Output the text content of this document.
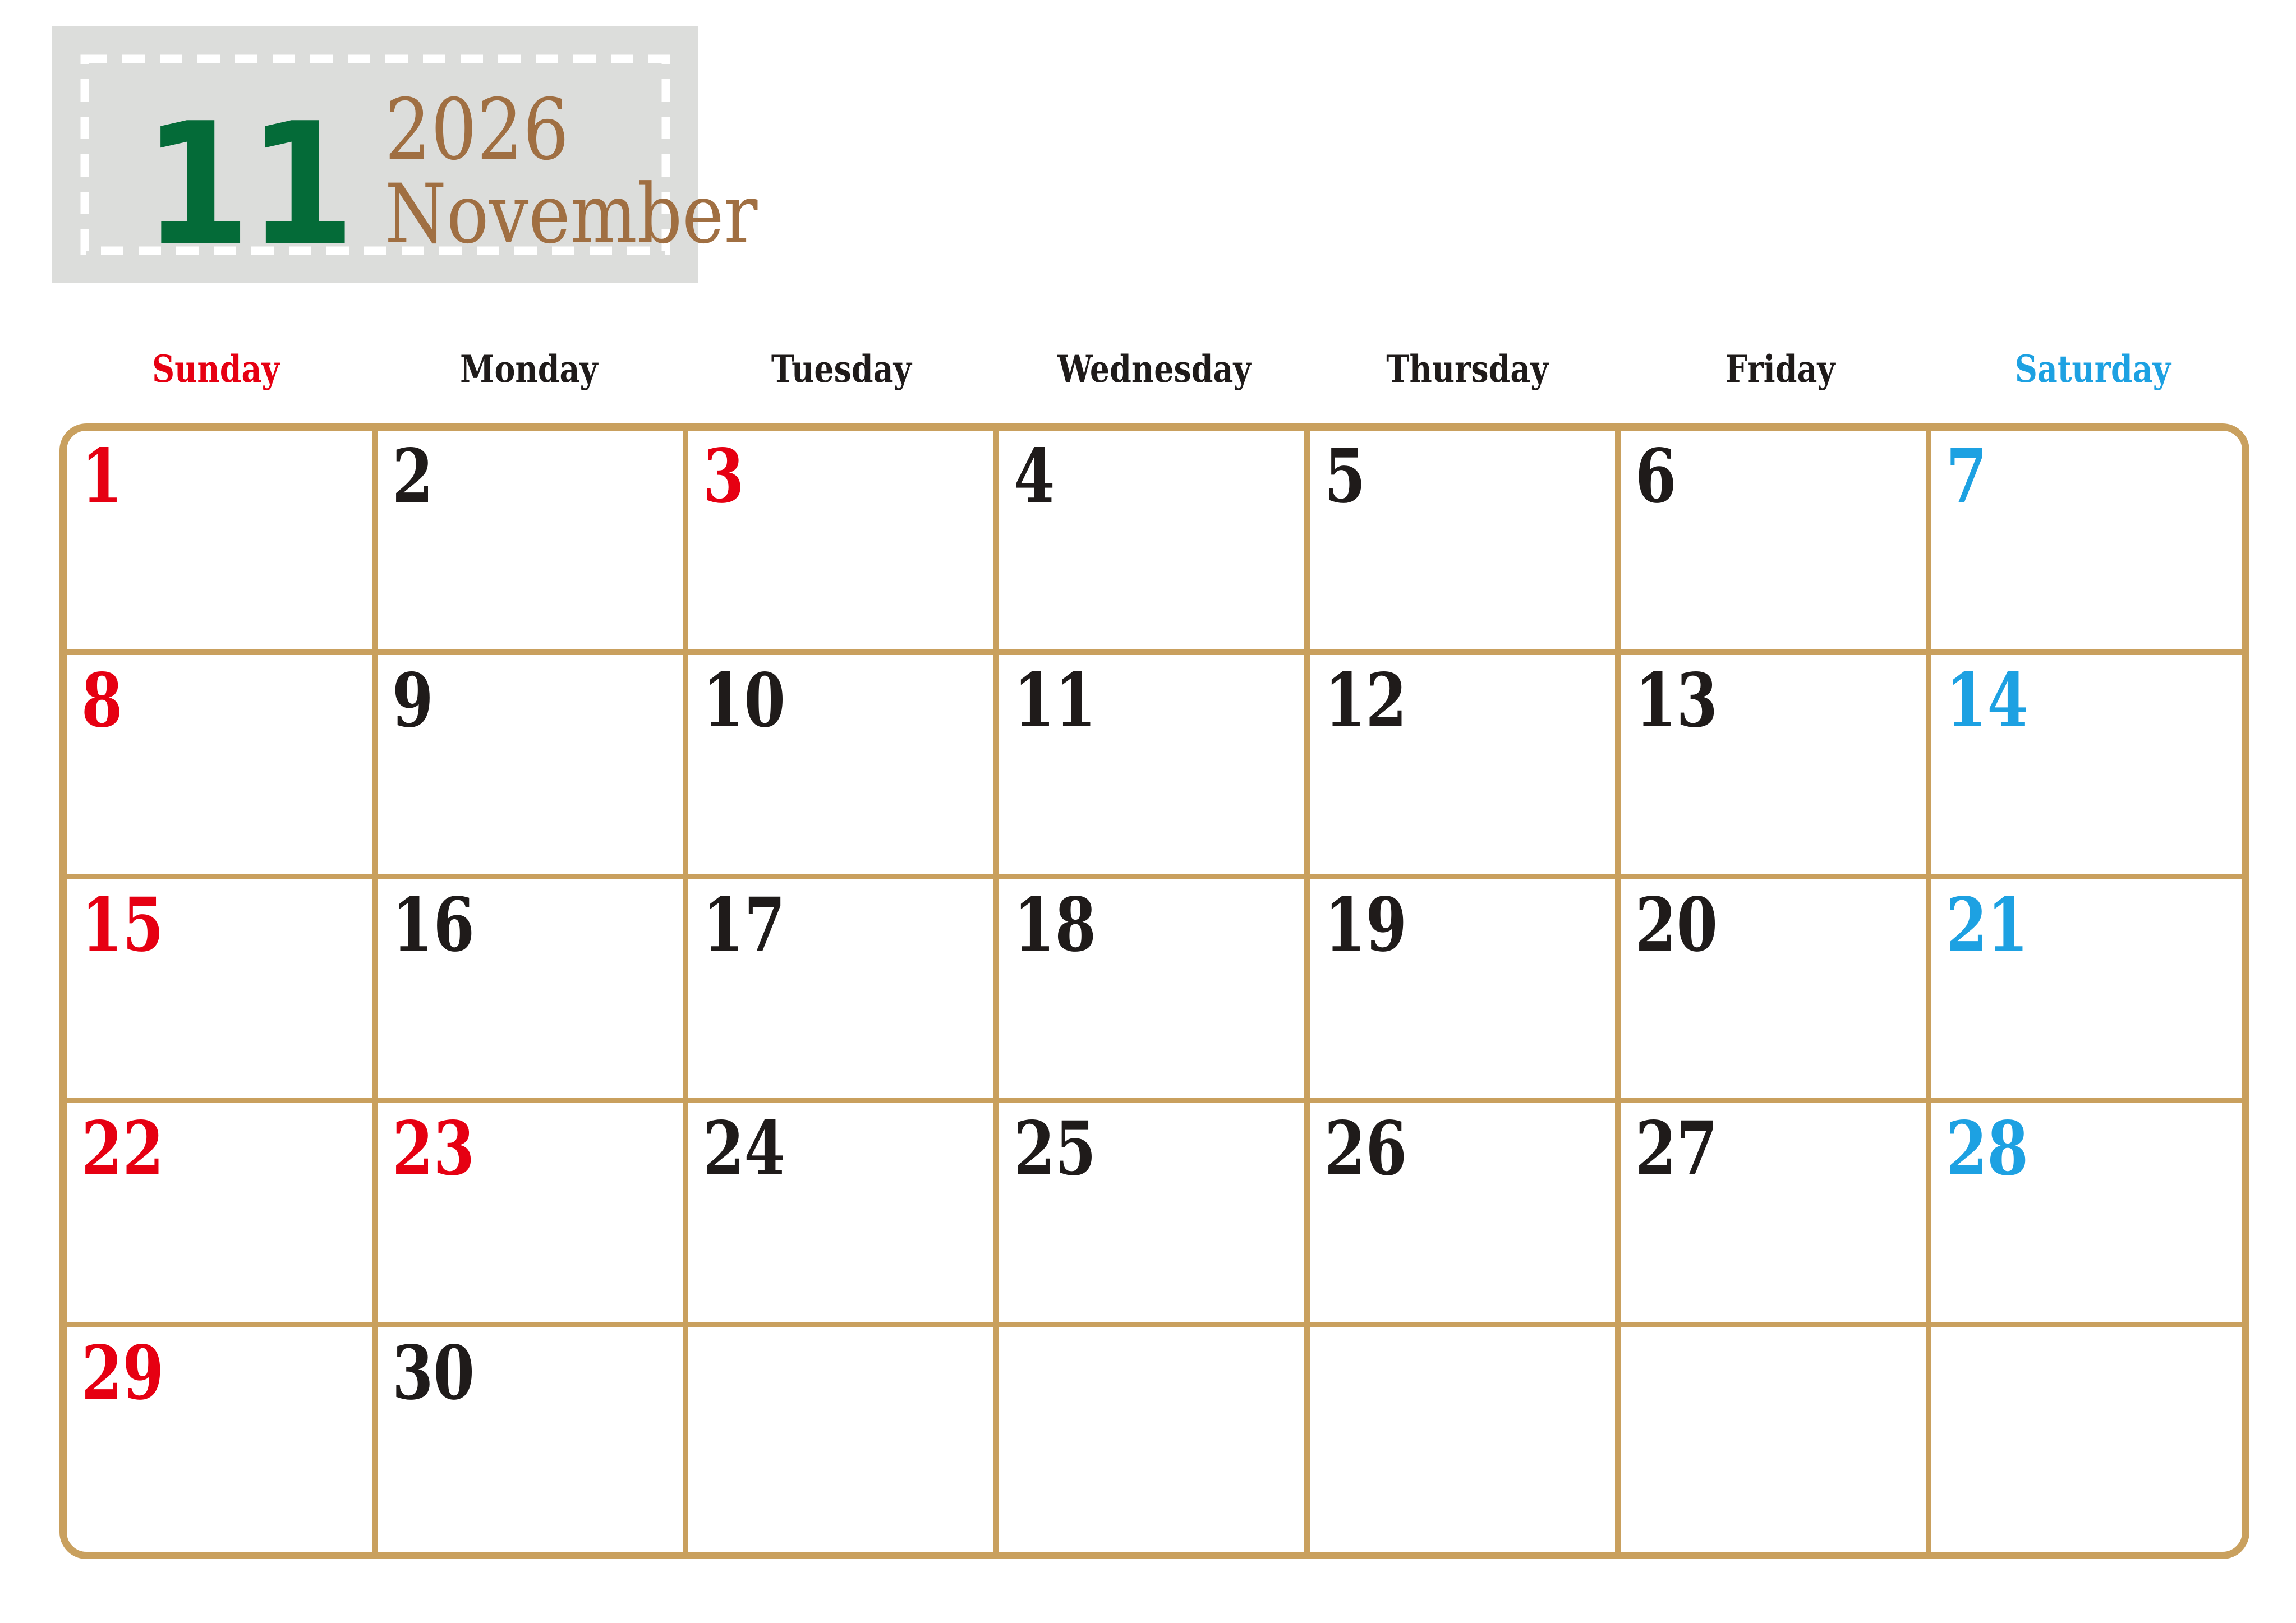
11 2026
November
Sunday	Monday	Tuesday	Wednesday	Thursday	Friday	Saturday
1	2	3	4	5	6	7
8	9	10	11	12	13	14
15	16	17	18	19	20	21
22	23	24	25	26	27	28
29	30
